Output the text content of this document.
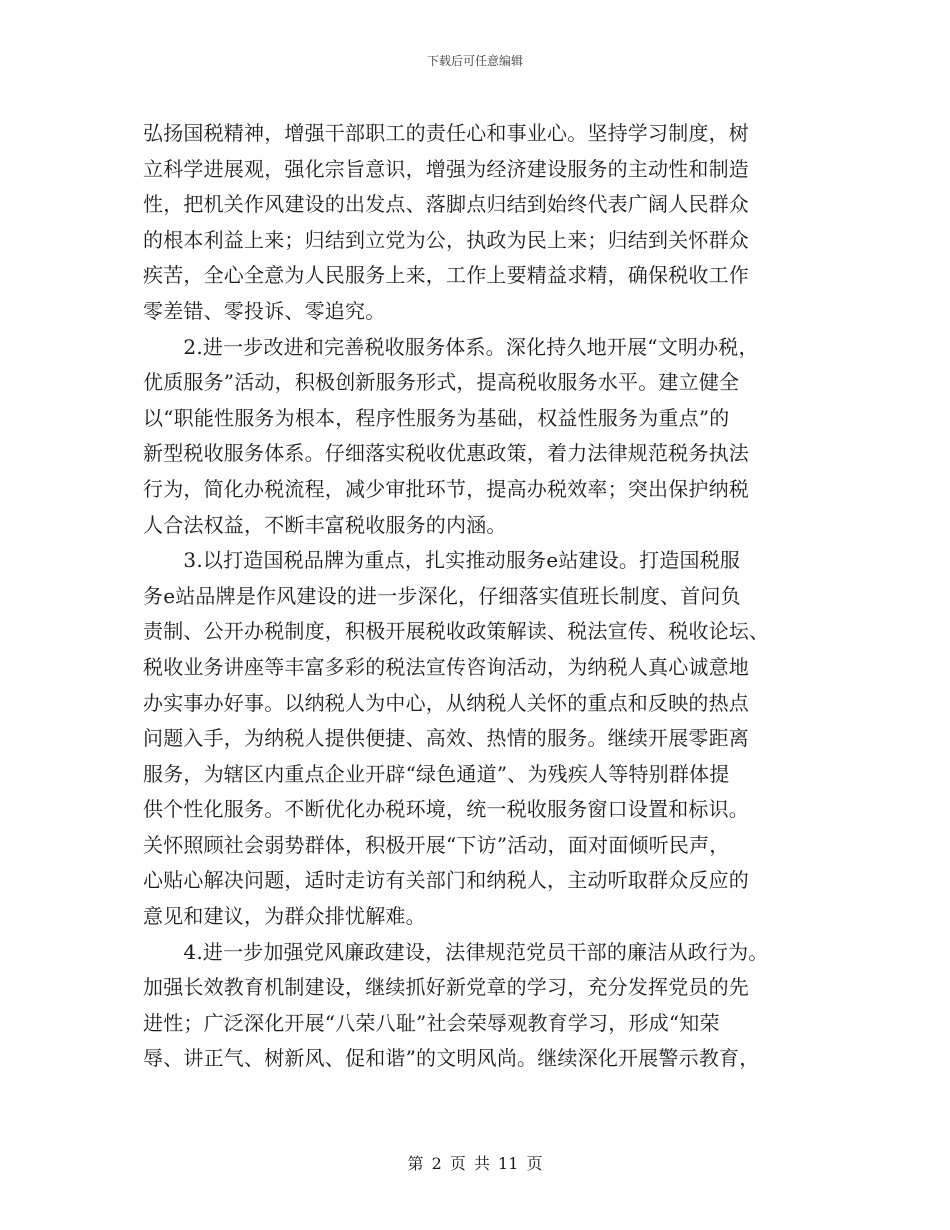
下载后可任意编辑
弘扬国税精神，增强干部职工的责任心和事业心。坚持学习制度，树
立科学进展观，强化宗旨意识，增强为经济建设服务的主动性和制造
性，把机关作风建设的出发点、落脚点归结到始终代表广阔人民群众
的根本利益上来；归结到立党为公，执政为民上来；归结到关怀群众
疾苦，全心全意为人民服务上来，工作上要精益求精，确保税收工作
零差错、零投诉、零追究。
　　2.进一步改进和完善税收服务体系。深化持久地开展“文明办税，
优质服务”活动，积极创新服务形式，提高税收服务水平。建立健全
以“职能性服务为根本，程序性服务为基础，权益性服务为重点”的
新型税收服务体系。仔细落实税收优惠政策，着力法律规范税务执法
行为，简化办税流程，减少审批环节，提高办税效率；突出保护纳税
人合法权益，不断丰富税收服务的内涵。
　　3.以打造国税品牌为重点，扎实推动服务e站建设。打造国税服
务e站品牌是作风建设的进一步深化，仔细落实值班长制度、首问负
责制、公开办税制度，积极开展税收政策解读、税法宣传、税收论坛、
税收业务讲座等丰富多彩的税法宣传咨询活动，为纳税人真心诚意地
办实事办好事。以纳税人为中心，从纳税人关怀的重点和反映的热点
问题入手，为纳税人提供便捷、高效、热情的服务。继续开展零距离
服务，为辖区内重点企业开辟“绿色通道”、为残疾人等特别群体提
供个性化服务。不断优化办税环境，统一税收服务窗口设置和标识。
关怀照顾社会弱势群体，积极开展“下访”活动，面对面倾听民声，
心贴心解决问题，适时走访有关部门和纳税人，主动听取群众反应的
意见和建议，为群众排忧解难。
　　4.进一步加强党风廉政建设，法律规范党员干部的廉洁从政行为。
加强长效教育机制建设，继续抓好新党章的学习，充分发挥党员的先
进性；广泛深化开展“八荣八耻”社会荣辱观教育学习，形成“知荣
辱、讲正气、树新风、促和谐”的文明风尚。继续深化开展警示教育，
第 2 页 共 11 页
